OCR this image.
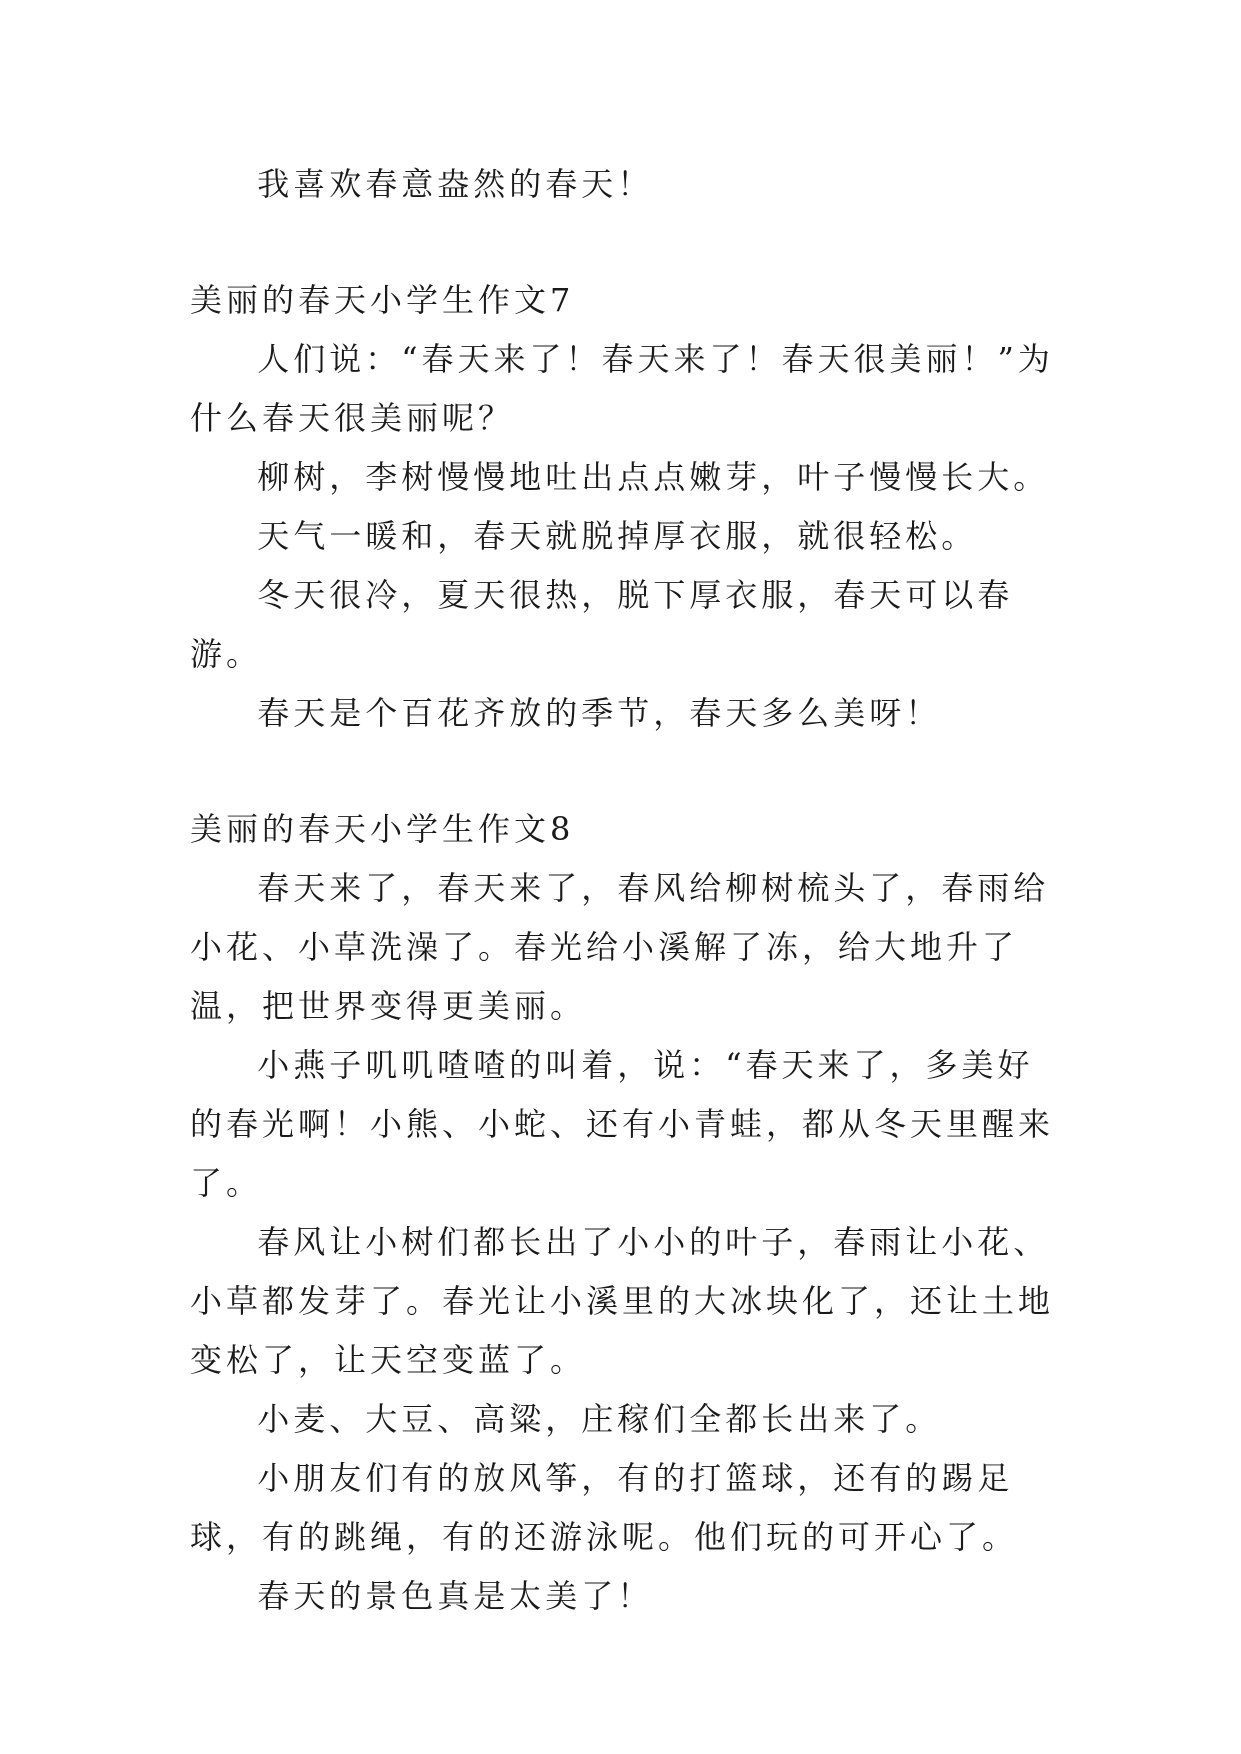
我喜欢春意盎然的春天！

美丽的春天小学生作文7

人们说：“春天来了！春天来了！春天很美丽！”为什么春天很美丽呢？

柳树，李树慢慢地吐出点点嫩芽，叶子慢慢长大。

天气一暖和，春天就脱掉厚衣服，就很轻松。

冬天很冷，夏天很热，脱下厚衣服，春天可以春游。

春天是个百花齐放的季节，春天多么美呀！

美丽的春天小学生作文8

春天来了，春天来了，春风给柳树梳头了，春雨给小花、小草洗澡了。春光给小溪解了冻，给大地升了温，把世界变得更美丽。

小燕子叽叽喳喳的叫着，说：“春天来了，多美好的春光啊！小熊、小蛇、还有小青蛙，都从冬天里醒来了。

春风让小树们都长出了小小的叶子，春雨让小花、小草都发芽了。春光让小溪里的大冰块化了，还让土地变松了，让天空变蓝了。

小麦、大豆、高粱，庄稼们全都长出来了。

小朋友们有的放风筝，有的打篮球，还有的踢足球，有的跳绳，有的还游泳呢。他们玩的可开心了。

春天的景色真是太美了！
